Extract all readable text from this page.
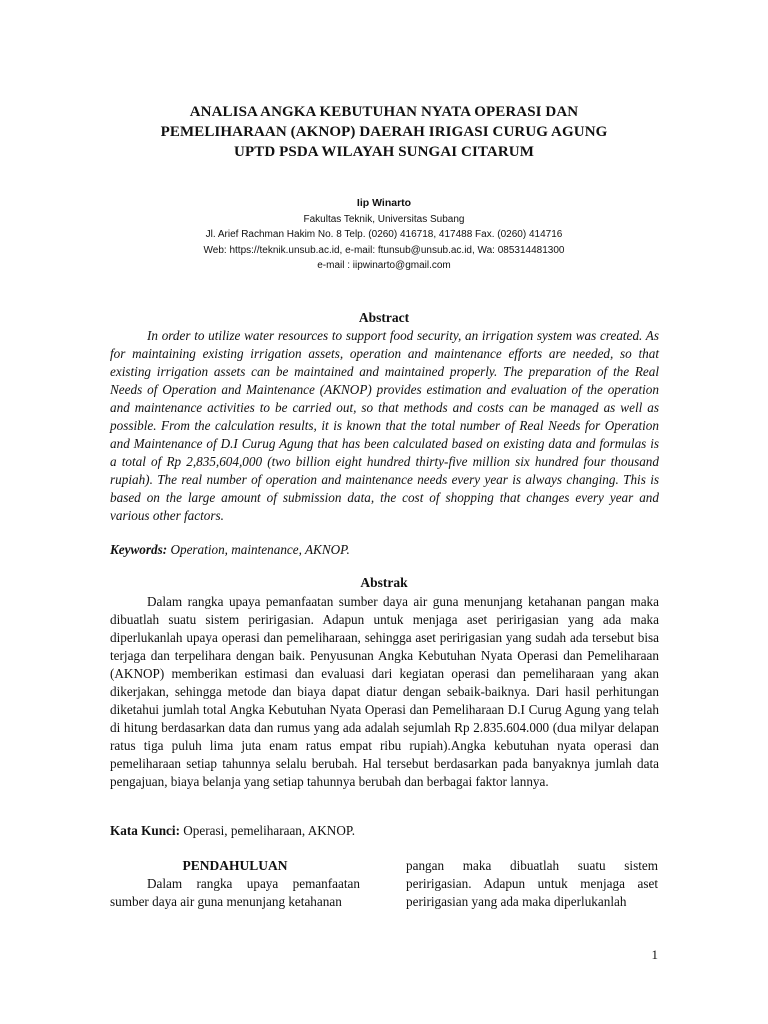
ANALISA ANGKA KEBUTUHAN NYATA OPERASI DAN
PEMELIHARAAN (AKNOP) DAERAH IRIGASI CURUG AGUNG
UPTD PSDA WILAYAH SUNGAI CITARUM
Iip Winarto
Fakultas Teknik, Universitas Subang
Jl. Arief Rachman Hakim No. 8 Telp. (0260) 416718, 417488 Fax. (0260) 414716
Web: https://teknik.unsub.ac.id, e-mail: ftunsub@unsub.ac.id, Wa: 085314481300
e-mail : iipwinarto@gmail.com
Abstract
In order to utilize water resources to support food security, an irrigation system was created. As for maintaining existing irrigation assets, operation and maintenance efforts are needed, so that existing irrigation assets can be maintained and maintained properly. The preparation of the Real Needs of Operation and Maintenance (AKNOP) provides estimation and evaluation of the operation and maintenance activities to be carried out, so that methods and costs can be managed as well as possible. From the calculation results, it is known that the total number of Real Needs for Operation and Maintenance of D.I Curug Agung that has been calculated based on existing data and formulas is a total of Rp 2,835,604,000 (two billion eight hundred thirty-five million six hundred four thousand rupiah). The real number of operation and maintenance needs every year is always changing. This is based on the large amount of submission data, the cost of shopping that changes every year and various other factors.
Keywords: Operation, maintenance, AKNOP.
Abstrak
Dalam rangka upaya pemanfaatan sumber daya air guna menunjang ketahanan pangan maka dibuatlah suatu sistem peririgasian. Adapun untuk menjaga aset peririgasian yang ada maka diperlukanlah upaya operasi dan pemeliharaan, sehingga aset peririgasian yang sudah ada tersebut bisa terjaga dan terpelihara dengan baik. Penyusunan Angka Kebutuhan Nyata Operasi dan Pemeliharaan (AKNOP) memberikan estimasi dan evaluasi dari kegiatan operasi dan pemeliharaan yang akan dikerjakan, sehingga metode dan biaya dapat diatur dengan sebaik-baiknya. Dari hasil perhitungan diketahui jumlah total Angka Kebutuhan Nyata Operasi dan Pemeliharaan D.I Curug Agung yang telah di hitung berdasarkan data dan rumus yang ada adalah sejumlah Rp 2.835.604.000 (dua milyar delapan ratus tiga puluh lima juta enam ratus empat ribu rupiah).Angka kebutuhan nyata operasi dan pemeliharaan setiap tahunnya selalu berubah. Hal tersebut berdasarkan pada banyaknya jumlah data pengajuan, biaya belanja yang setiap tahunnya berubah dan berbagai faktor lannya.
Kata Kunci: Operasi, pemeliharaan, AKNOP.
PENDAHULUAN
Dalam rangka upaya pemanfaatan sumber daya air guna menunjang ketahanan
pangan maka dibuatlah suatu sistem peririgasian. Adapun untuk menjaga aset peririgasian yang ada maka diperlukanlah
1
